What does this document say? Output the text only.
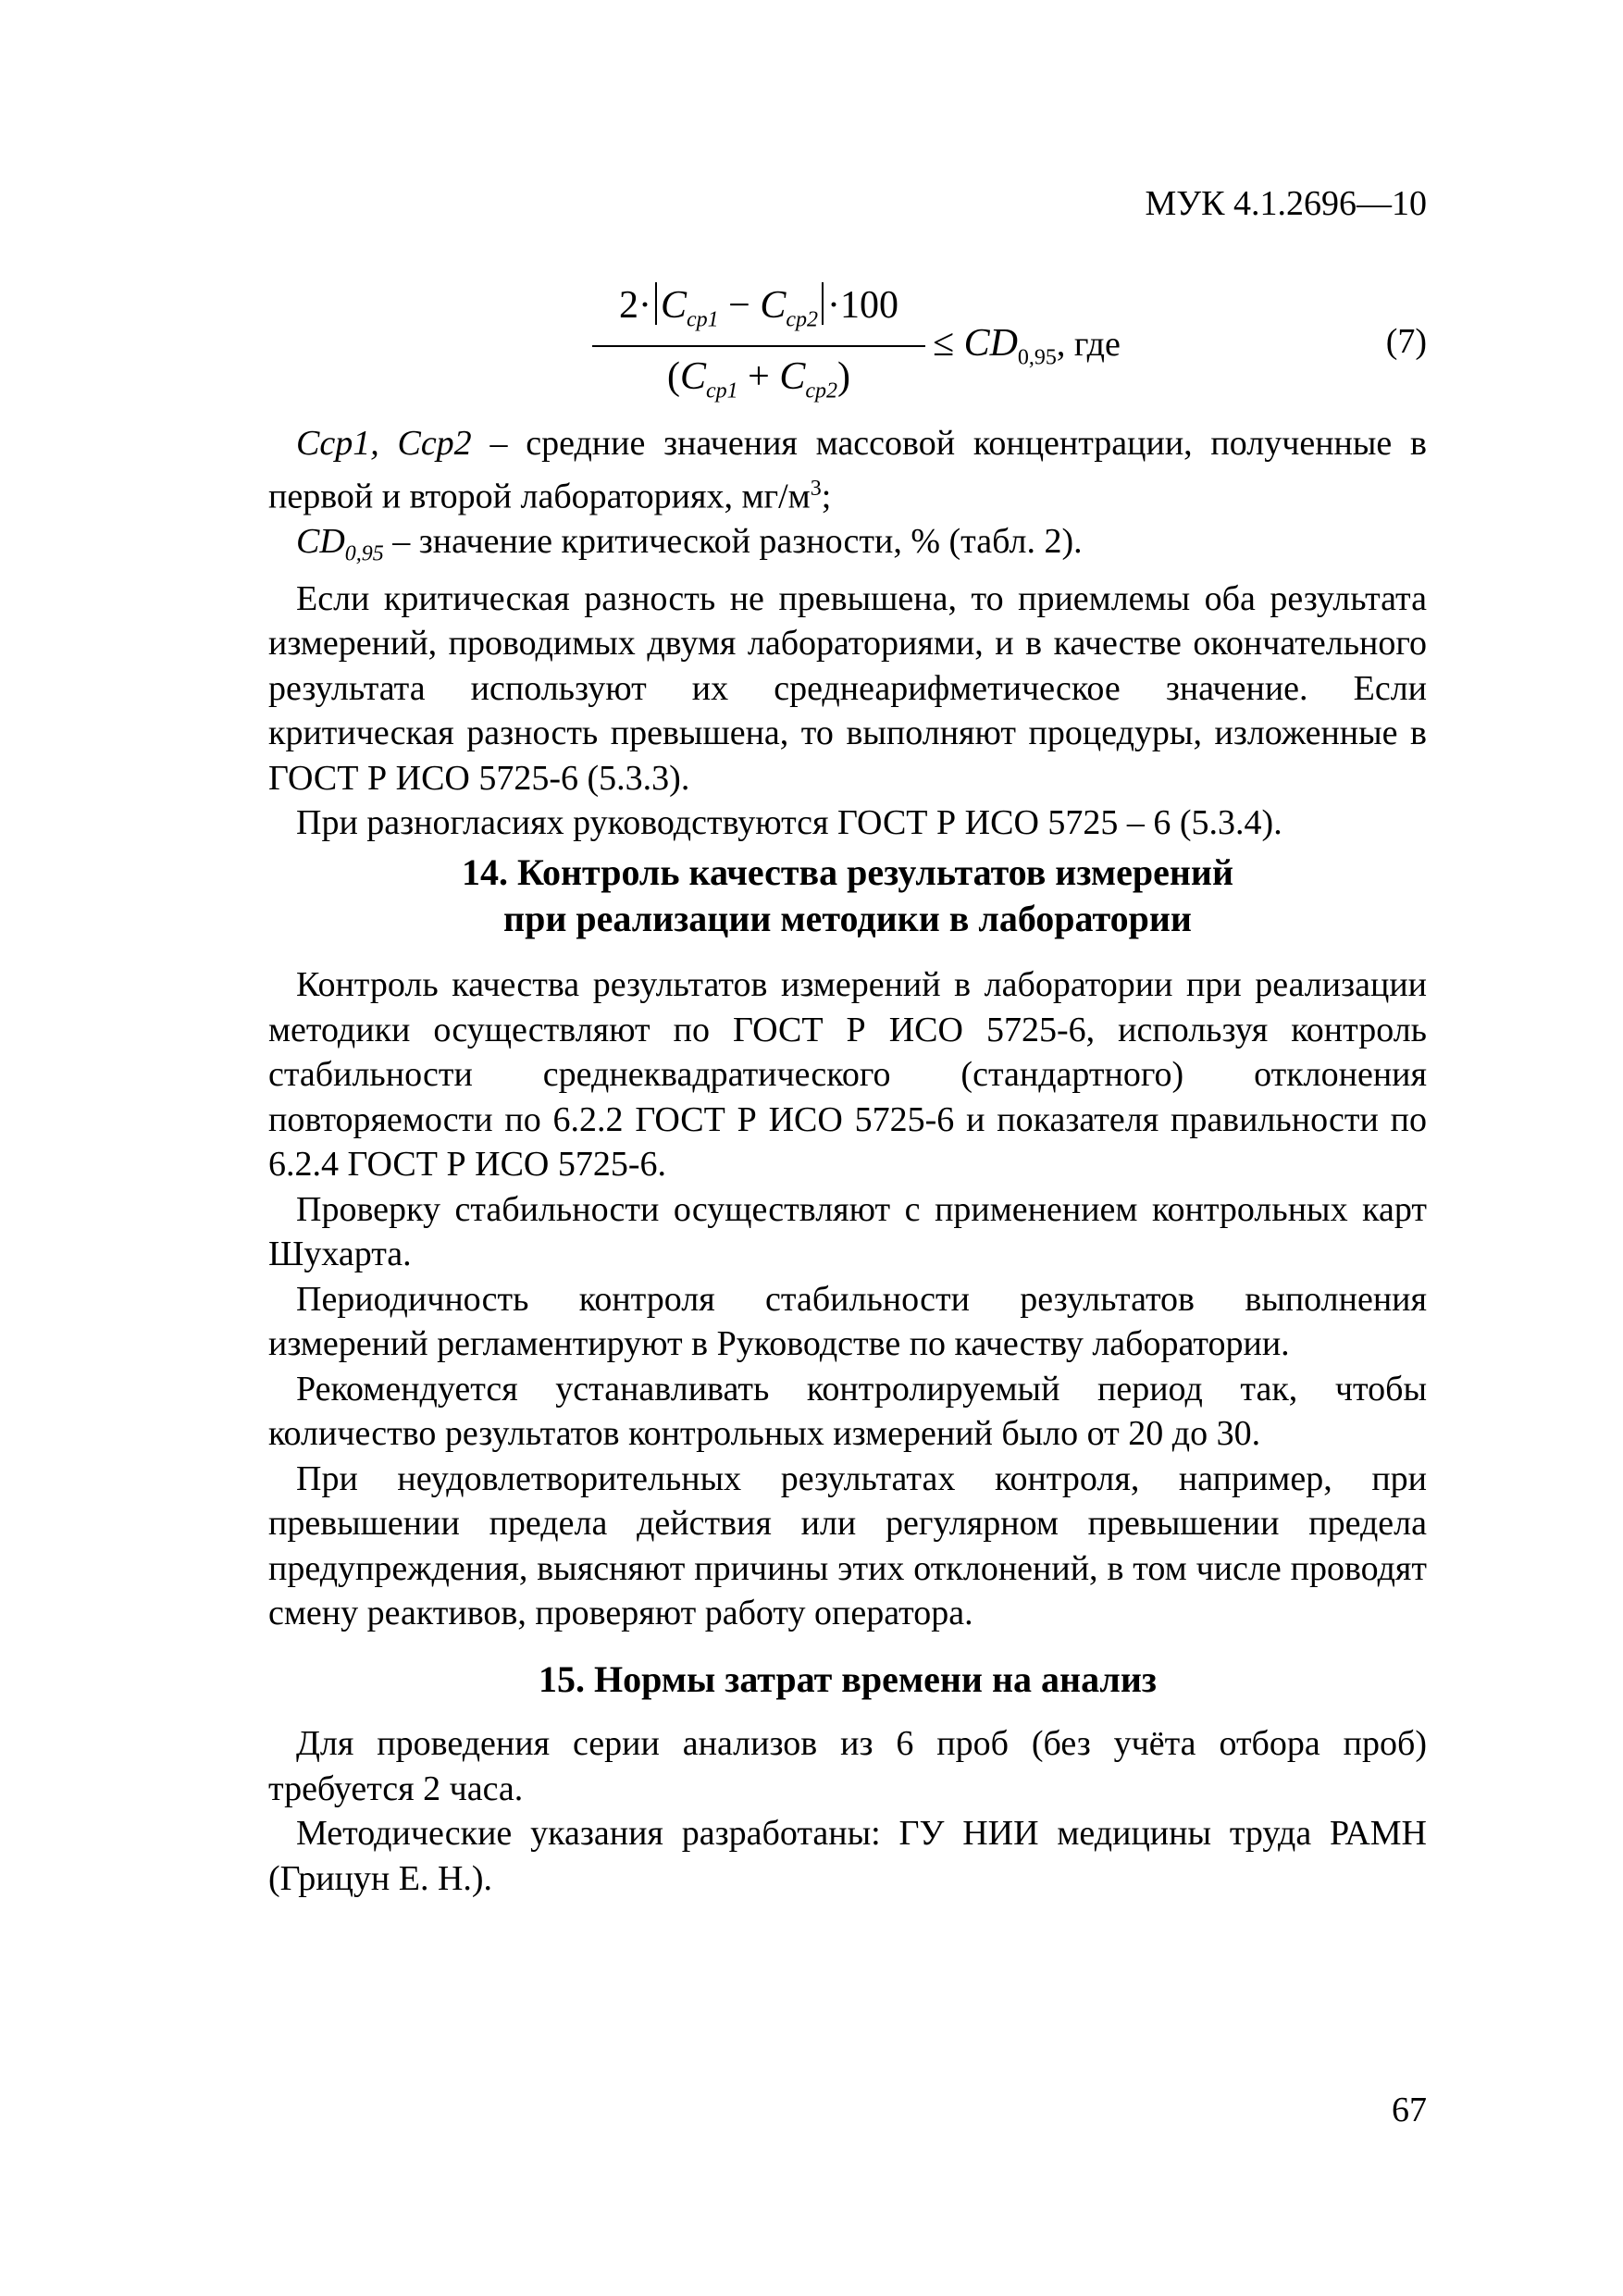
МУК 4.1.2696—10
$2\cdot C_{ср1} - C_{ср2} \cdot 100$
$(C_{ср1} + C_{ср2})$
≤ $CD_{0,95}$, где	(7)

Cср1, Cср2 – средние значения массовой концентрации, полученные в первой и второй лабораториях, $мг/м^3$;

$CD_{0,95}$ – значение критической разности, % (табл. 2).

Если критическая разность не превышена, то приемлемы оба результата измерений, проводимых двумя лабораториями, и в качестве окончательного результата используют их среднеарифметическое значение. Если критическая разность превышена, то выполняют процедуры, изложенные в ГОСТ Р ИСО 5725-6 (5.3.3).

При разногласиях руководствуются ГОСТ Р ИСО 5725 – 6 (5.3.4).

14. Контроль качества результатов измерений
при реализации методики в лаборатории

Контроль качества результатов измерений в лаборатории при реализации методики осуществляют по ГОСТ Р ИСО 5725-6, используя контроль стабильности среднеквадратического (стандартного) отклонения повторяемости по 6.2.2 ГОСТ Р ИСО 5725-6 и показателя правильности по 6.2.4 ГОСТ Р ИСО 5725-6.

Проверку стабильности осуществляют с применением контрольных карт Шухарта.

Периодичность контроля стабильности результатов выполнения измерений регламентируют в Руководстве по качеству лаборатории.

Рекомендуется устанавливать контролируемый период так, чтобы количество результатов контрольных измерений было от 20 до 30.

При неудовлетворительных результатах контроля, например, при превышении предела действия или регулярном превышении предела предупреждения, выясняют причины этих отклонений, в том числе проводят смену реактивов, проверяют работу оператора.

15. Нормы затрат времени на анализ

Для проведения серии анализов из 6 проб (без учёта отбора проб) требуется 2 часа.

Методические указания разработаны: ГУ НИИ медицины труда РАМН (Грицун Е. Н.).

67
